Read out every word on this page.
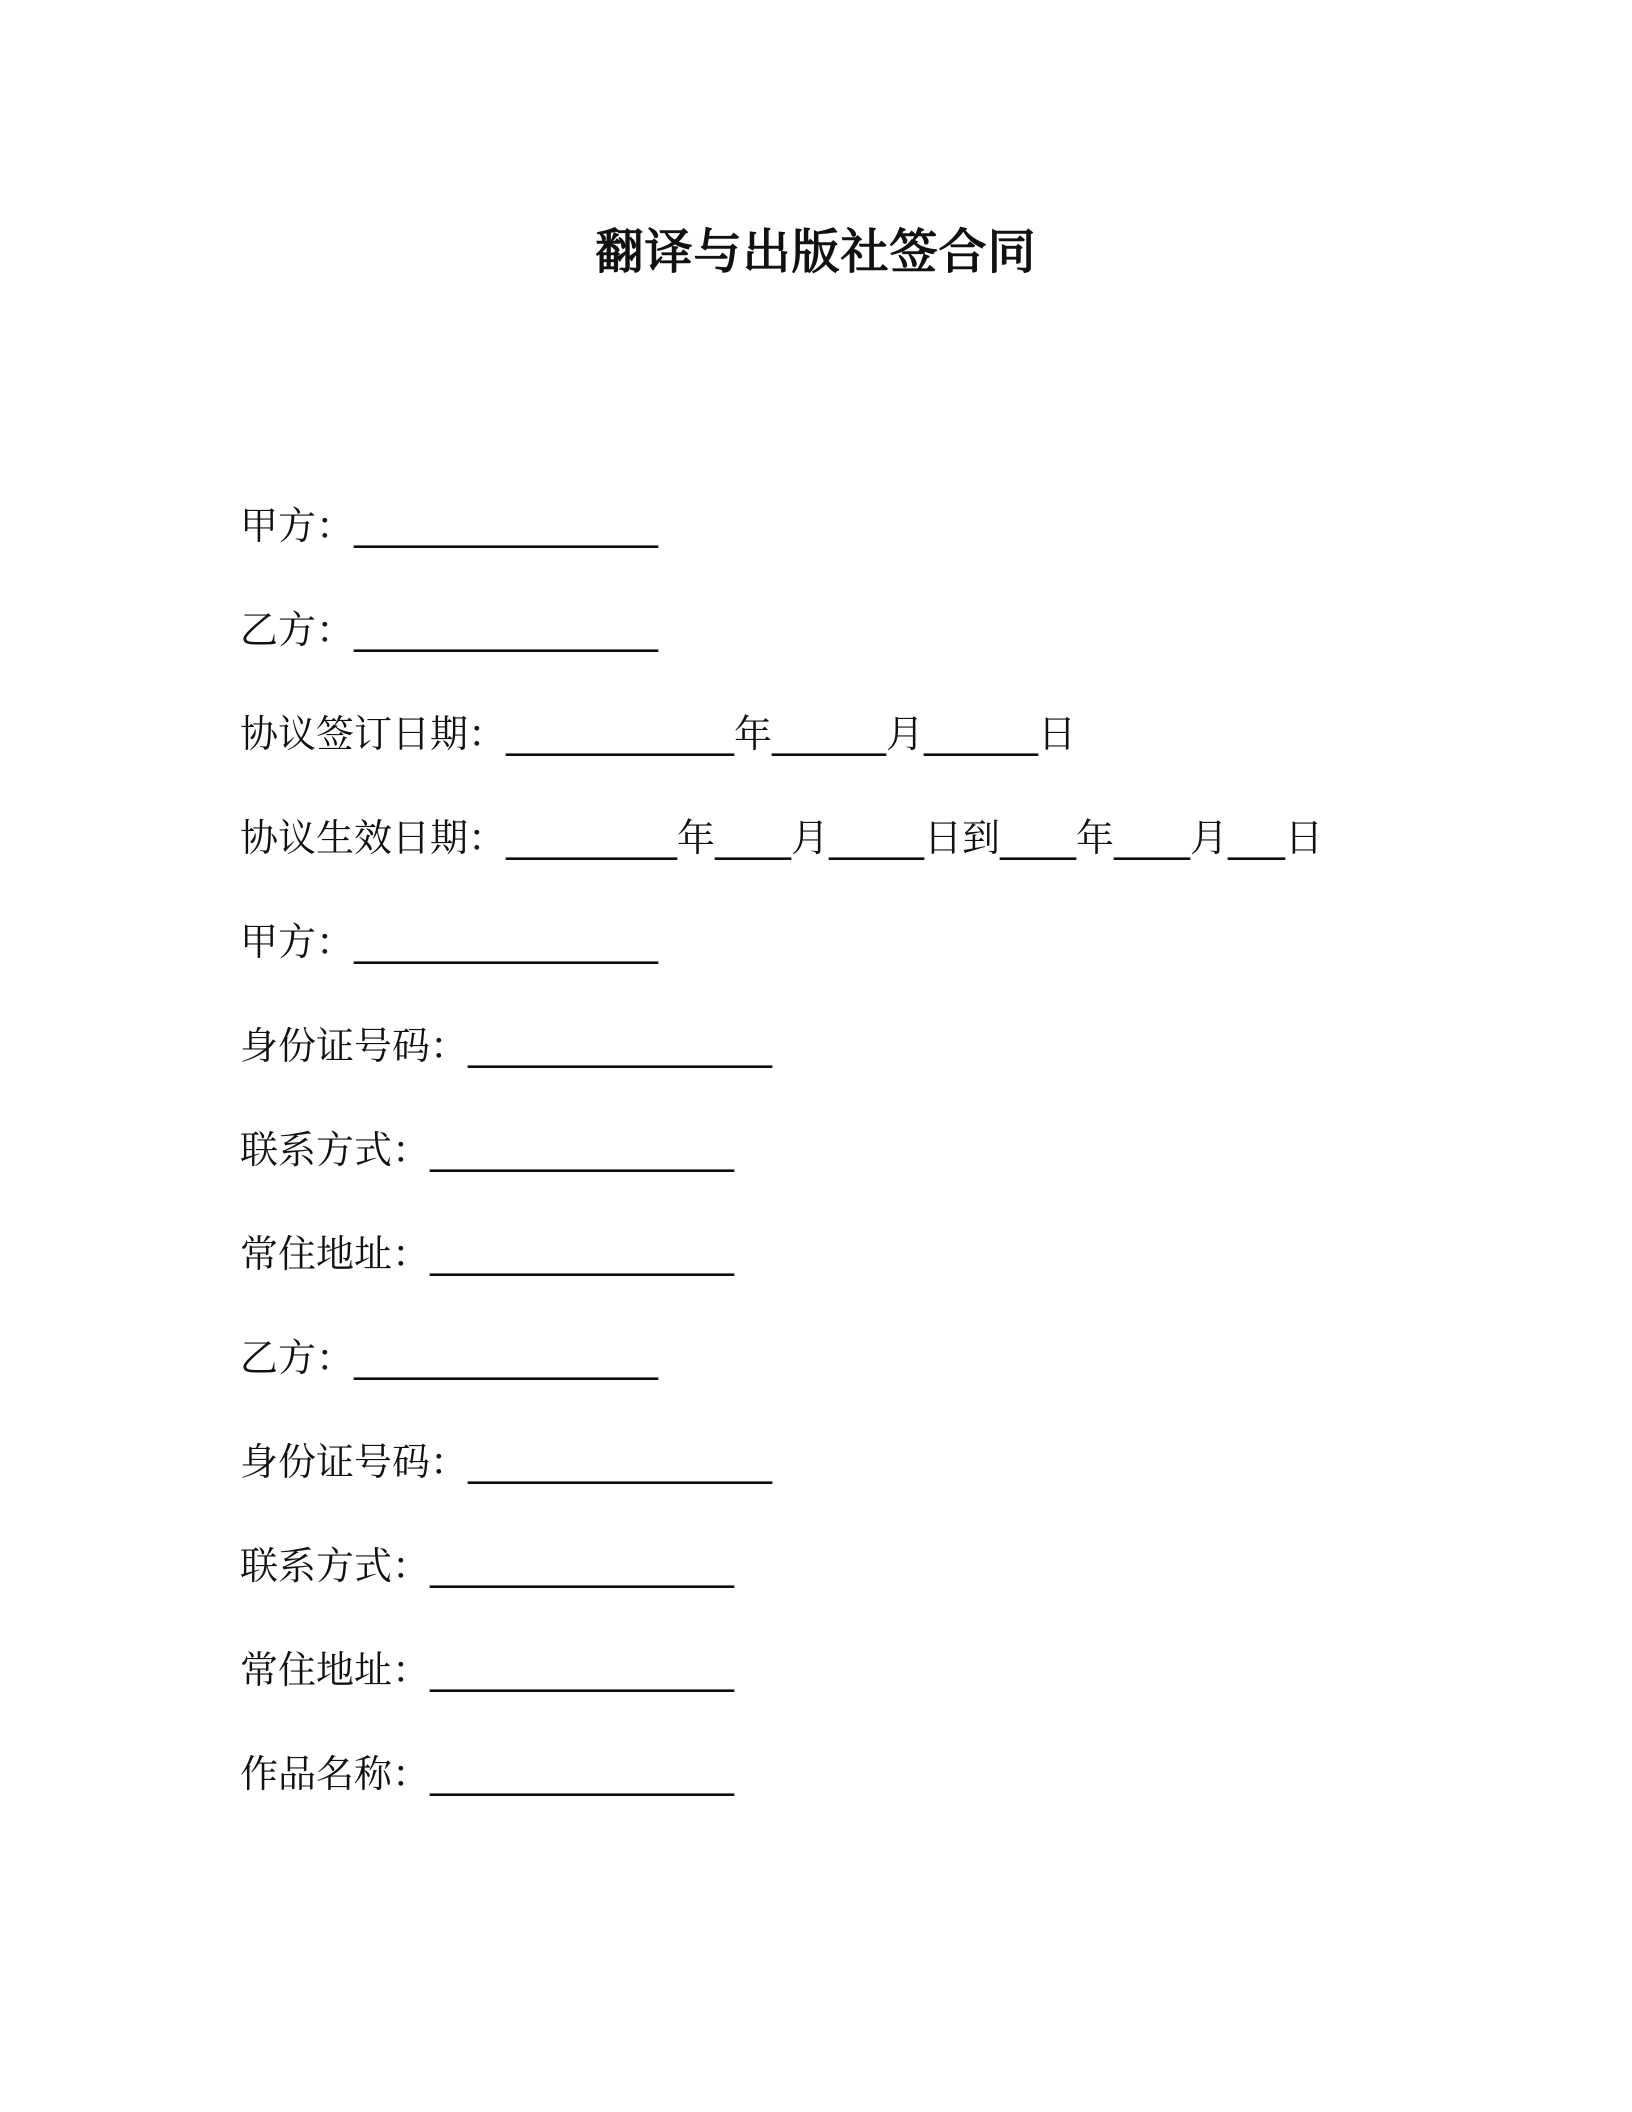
翻译与出版社签合同
甲方：________________
乙方：________________
协议签订日期：____________年______月______日
协议生效日期：_________年____月_____日到____年____月___日
甲方：________________
身份证号码：________________
联系方式：________________
常住地址：________________
乙方：________________
身份证号码：________________
联系方式：________________
常住地址：________________
作品名称：________________
